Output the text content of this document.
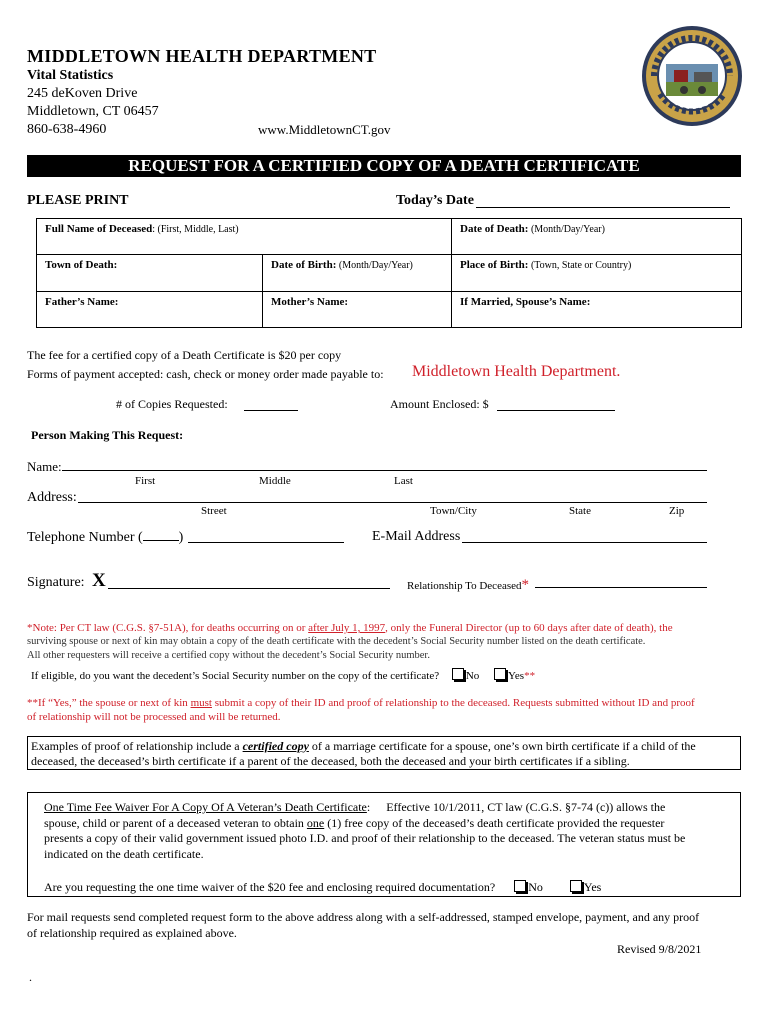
MIDDLETOWN HEALTH DEPARTMENT
Vital Statistics
245 deKoven Drive
Middletown, CT 06457
860-638-4960	www.MiddletownCT.gov
REQUEST FOR A CERTIFIED COPY OF A DEATH CERTIFICATE
PLEASE PRINT	Today’s Date
Full Name of Deceased: (First, Middle, Last)	Date of Death: (Month/Day/Year)
Town of Death:	Date of Birth: (Month/Day/Year)	Place of Birth: (Town, State or Country)
Father’s Name:	Mother’s Name:	If Married, Spouse’s Name:
The fee for a certified copy of a Death Certificate is $20 per copy
Forms of payment accepted: cash, check or money order made payable to: Middletown Health Department.
# of Copies Requested:	Amount Enclosed: $
Person Making This Request:
Name:
First	Middle	Last
Address:
Street	Town/City	State	Zip
Telephone Number (	)	E-Mail Address
Signature: X	Relationship To Deceased*
*Note: Per CT law (C.G.S. §7-51A), for deaths occurring on or after July 1, 1997, only the Funeral Director (up to 60 days after date of death), the
surviving spouse or next of kin may obtain a copy of the death certificate with the decedent’s Social Security number listed on the death certificate.
All other requesters will receive a certified copy without the decedent’s Social Security number.
If eligible, do you want the decedent’s Social Security number on the copy of the certificate? No	Yes**
**If “Yes,” the spouse or next of kin must submit a copy of their ID and proof of relationship to the deceased. Requests submitted without ID and proof
of relationship will not be processed and will be returned.
Examples of proof of relationship include a certified copy of a marriage certificate for a spouse, one’s own birth certificate if a child of the
deceased, the deceased’s birth certificate if a parent of the deceased, both the deceased and your birth certificates if a sibling.
One Time Fee Waiver For A Copy Of A Veteran’s Death Certificate: Effective 10/1/2011, CT law (C.G.S. §7-74 (c)) allows the
spouse, child or parent of a deceased veteran to obtain one (1) free copy of the deceased’s death certificate provided the requester
presents a copy of their valid government issued photo I.D. and proof of their relationship to the deceased. The veteran status must be
indicated on the death certificate.
Are you requesting the one time waiver of the $20 fee and enclosing required documentation?	No	Yes
For mail requests send completed request form to the above address along with a self-addressed, stamped envelope, payment, and any proof
of relationship required as explained above.
Revised 9/8/2021
.
